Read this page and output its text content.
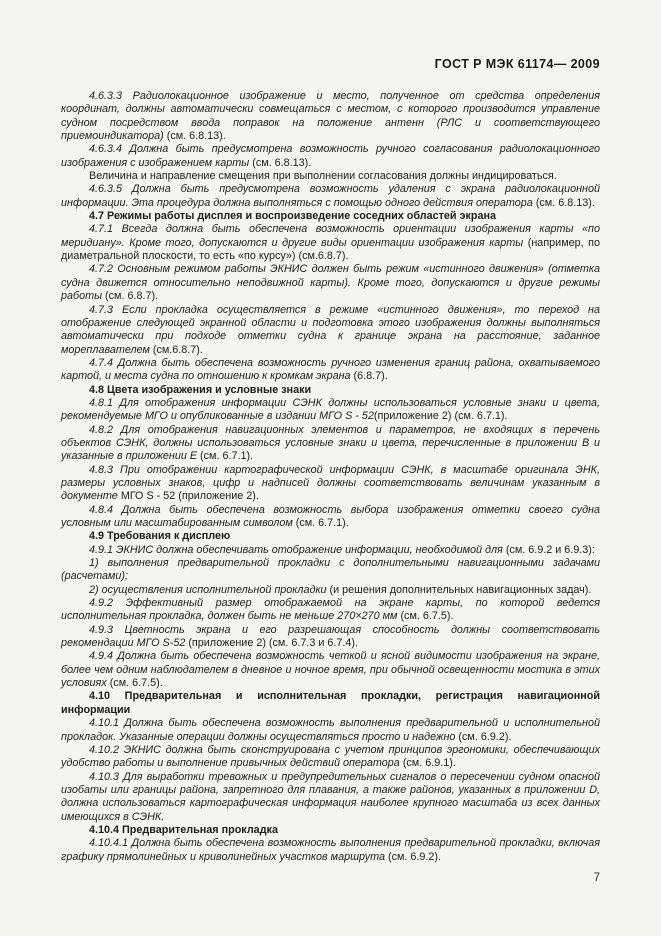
ГОСТ Р МЭК 61174— 2009

4.6.3.3 Радиолокационное изображение и место, полученное от средства определения координат, должны автоматически совмещаться с местом, с которого производится управление судном посредством ввода поправок на положение антенн (РЛС и соответствующего приемоиндикатора) (см. 6.8.13).

4.6.3.4 Должна быть предусмотрена возможность ручного согласования радиолокационного изображения с изображением карты (см. 6.8.13).

Величина и направление смещения при выполнении согласования должны индицироваться.

4.6.3.5 Должна быть предусмотрена возможность удаления с экрана радиолокационной информации. Эта процедура должна выполняться с помощью одного действия оператора (см. 6.8.13).

4.7 Режимы работы дисплея и воспроизведение соседних областей экрана

4.7.1 Всегда должна быть обеспечена возможность ориентации изображения карты «по меридиану». Кроме того, допускаются и другие виды ориентации изображения карты (например, по диаметральной плоскости, то есть «по курсу») (см.6.8.7).

4.7.2 Основным режимом работы ЭКНИС должен быть режим «истинного движения» (отметка судна движется относительно неподвижной карты). Кроме того, допускаются и другие режимы работы (см. 6.8.7).

4.7.3 Если прокладка осуществляется в режиме «истинного движения», то переход на отображение следующей экранной области и подготовка этого изображения должны выполняться автоматически при подходе отметки судна к границе экрана на расстояние, заданное мореплавателем (см.6.8.7).

4.7.4 Должна быть обеспечена возможность ручного изменения границ района, охватываемого картой, и места судна по отношению к кромкам экрана (6.8.7).

4.8 Цвета изображения и условные знаки

4.8.1 Для отображения информации СЭНК должны использоваться условные знаки и цвета, рекомендуемые МГО и опубликованные в издании МГО S - 52(приложение 2) (см. 6.7.1).

4.8.2 Для отображения навигационных элементов и параметров, не входящих в перечень объектов СЭНК, должны использоваться условные знаки и цвета, перечисленные в приложении В и указанные в приложении Е (см. 6.7.1).

4.8.3 При отображении картографической информации СЭНК, в масштабе оригинала ЭНК, размеры условных знаков, цифр и надписей должны соответствовать величинам указанным в документе МГО S - 52 (приложение 2).

4.8.4 Должна быть обеспечена возможность выбора изображения отметки своего судна условным или масштабированным символом (см. 6.7.1).

4.9 Требования к дисплею

4.9.1 ЭКНИС должна обеспечивать отображение информации, необходимой для (см. 6.9.2 и 6.9.3):

1) выполнения предварительной прокладки с дополнительными навигационными задачами (расчетами);

2) осуществления исполнительной прокладки (и решения дополнительных навигационных задач).

4.9.2 Эффективный размер отображаемой на экране карты, по которой ведется исполнительная прокладка, должен быть не меньше 270×270 мм (см. 6.7.5).

4.9.3 Цветность экрана и его разрешающая способность должны соответствовать рекомендации МГО S-52 (приложение 2) (см. 6.7.3 и 6.7.4).

4.9.4 Должна быть обеспечена возможность четкой и ясной видимости изображения на экране, более чем одним наблюдателем в дневное и ночное время, при обычной освещенности мостика в этих условиях (см. 6.7.5).

4.10 Предварительная и исполнительная прокладки, регистрация навигационной информации

4.10.1 Должна быть обеспечена возможность выполнения предварительной и исполнительной прокладок. Указанные операции должны осуществляться просто и надежно (см. 6.9.2).

4.10.2 ЭКНИС должна быть сконструирована с учетом принципов эргономики, обеспечивающих удобство работы и выполнение привычных действий оператора (см. 6.9.1).

4.10.3 Для выработки тревожных и предупредительных сигналов о пересечении судном опасной изобаты или границы района, запретного для плавания, а также районов, указанных в приложении D, должна использоваться картографическая информация наиболее крупного масштаба из всех данных имеющихся в СЭНК.

4.10.4 Предварительная прокладка

4.10.4.1 Должна быть обеспечена возможность выполнения предварительной прокладки, включая графику прямолинейных и криволинейных участков маршрута (см. 6.9.2).

7
